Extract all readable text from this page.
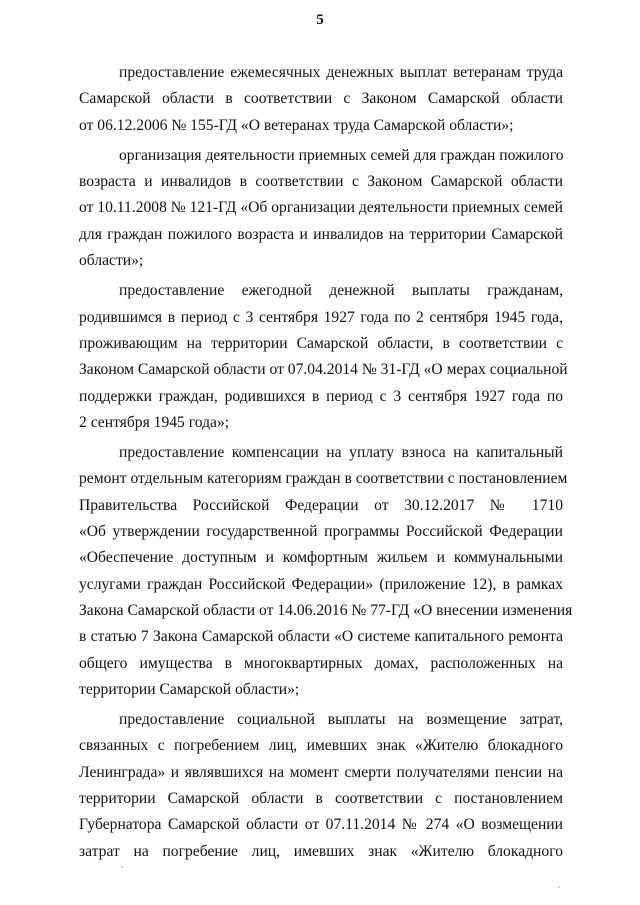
5

предоставление ежемесячных денежных выплат ветеранам труда
Самарской области в соответствии с Законом Самарской области
от 06.12.2006 № 155-ГД «О ветеранах труда Самарской области»;

организация деятельности приемных семей для граждан пожилого
возраста и инвалидов в соответствии с Законом Самарской области
от 10.11.2008 № 121-ГД «Об организации деятельности приемных семей
для граждан пожилого возраста и инвалидов на территории Самарской
области»;

предоставление ежегодной денежной выплаты гражданам,
родившимся в период с 3 сентября 1927 года по 2 сентября 1945 года,
проживающим на территории Самарской области, в соответствии с
Законом Самарской области от 07.04.2014 № 31-ГД «О мерах социальной
поддержки граждан, родившихся в период с 3 сентября 1927 года по
2 сентября 1945 года»;

предоставление компенсации на уплату взноса на капитальный
ремонт отдельным категориям граждан в соответствии с постановлением
Правительства Российской Федерации от 30.12.2017 № 1710
«Об утверждении государственной программы Российской Федерации
«Обеспечение доступным и комфортным жильем и коммунальными
услугами граждан Российской Федерации» (приложение 12), в рамках
Закона Самарской области от 14.06.2016 № 77-ГД «О внесении изменения
в статью 7 Закона Самарской области «О системе капитального ремонта
общего имущества в многоквартирных домах, расположенных на
территории Самарской области»;

предоставление социальной выплаты на возмещение затрат,
связанных с погребением лиц, имевших знак «Жителю блокадного
Ленинграда» и являвшихся на момент смерти получателями пенсии на
территории Самарской области в соответствии с постановлением
Губернатора Самарской области от 07.11.2014 № 274 «О возмещении
затрат на погребение лиц, имевших знак «Жителю блокадного
